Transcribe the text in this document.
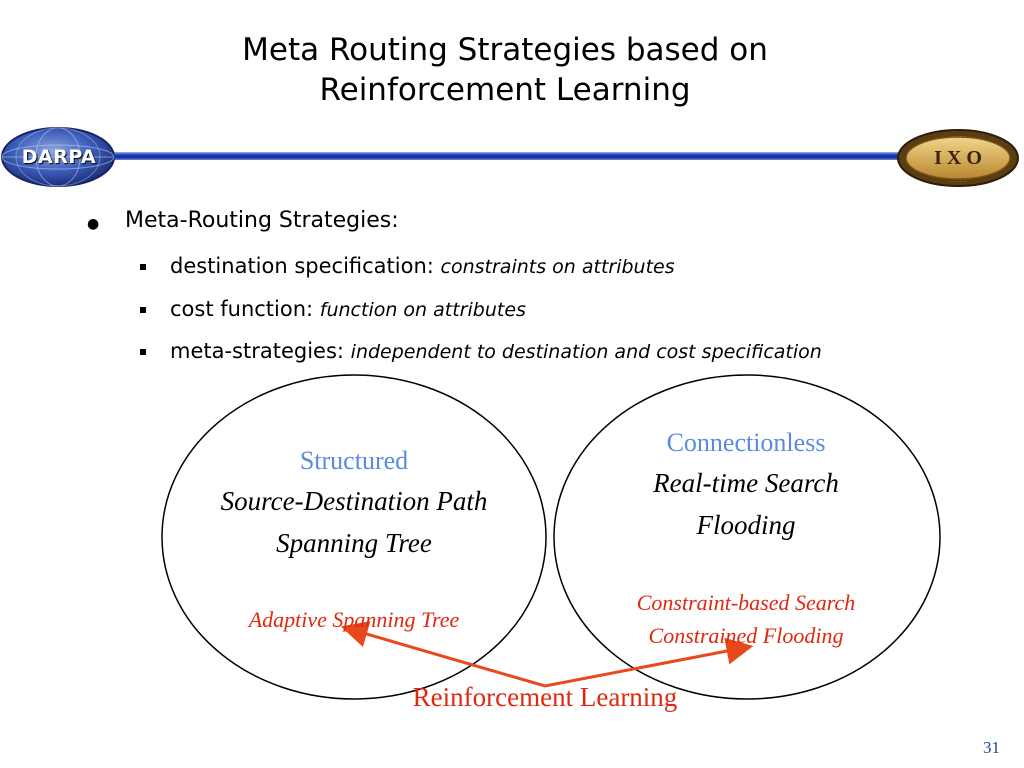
Meta Routing Strategies based on
Reinforcement Learning
DARPA	I X O
· · · · · · ·
· · · · · · ·
● Meta-Routing Strategies:
destination specification: constraints on attributes
cost function: function on attributes
meta-strategies: independent to destination and cost specification
Structured
Source-Destination Path
Spanning Tree
Adaptive Spanning Tree
Connectionless
Real-time Search
Flooding
Constraint-based Search
Constrained Flooding
Reinforcement Learning
31
